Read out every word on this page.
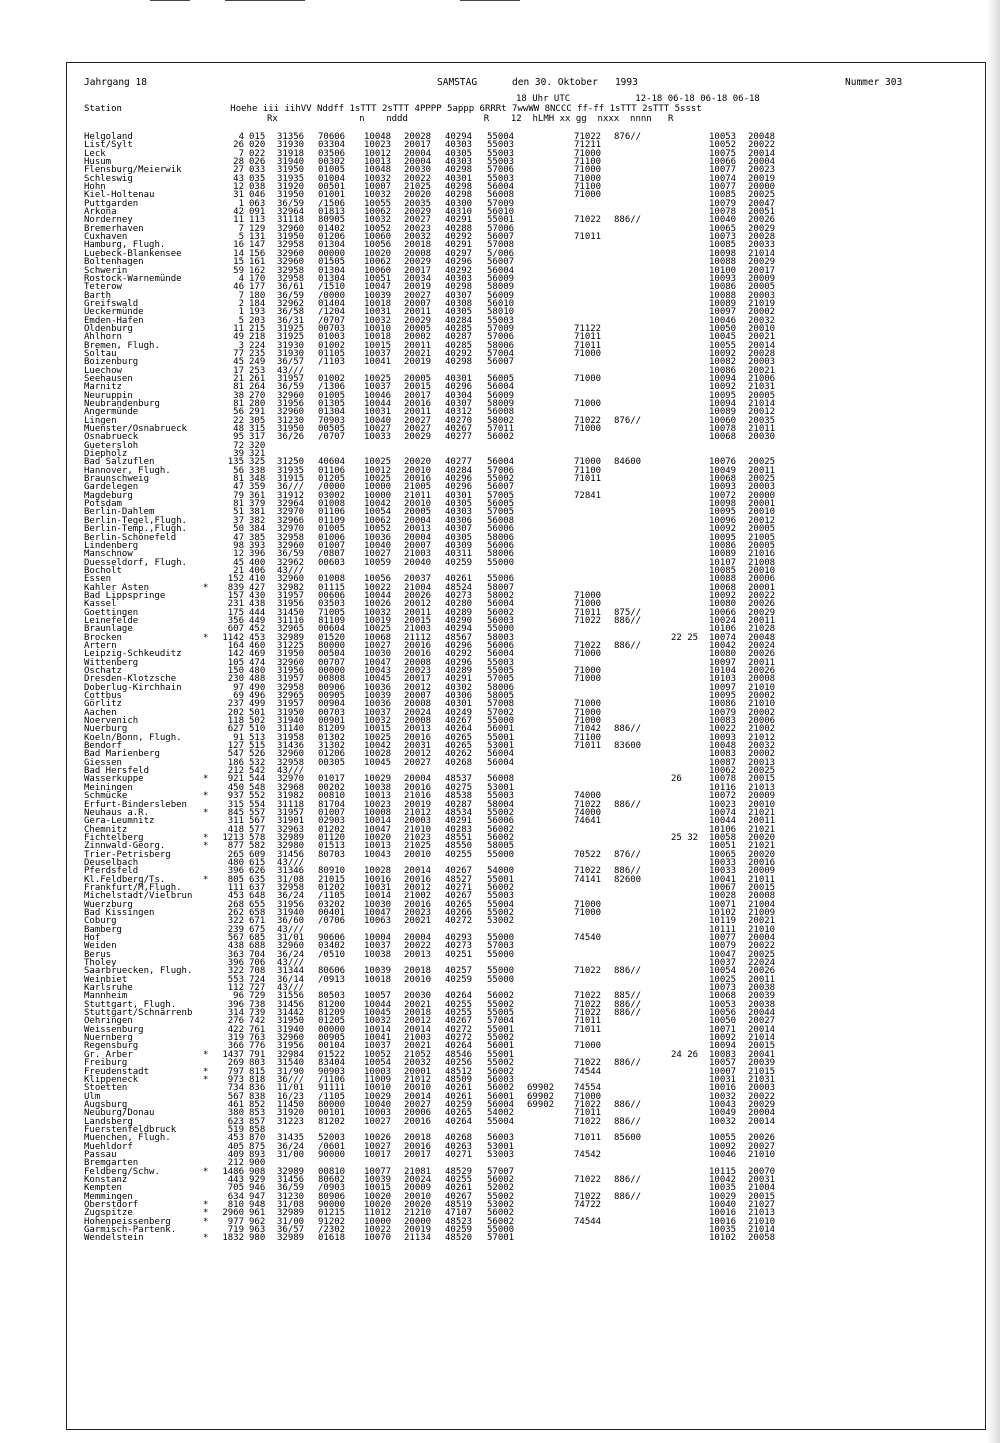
Jahrgang 18	SAMSTAG	den 30. Oktober   1993	Nummer 303
18 Uhr UTC            12-18 06-18 06-18 06-18
Station                    Hoehe iii iihVV Nddff 1sTTT 2sTTT 4PPPP 5appp 6RRRt 7wwWW 8NCCC ff-ff 1sTTT 2sTTT 5ssst
Rx               n    nddd              R    12  hLMH xx gg  nxxx  nnnn   R
Helgoland	4 015 31356 70606 10048 20028 40294 55004	71022 876//	10053 20048
List/Sylt	26 020 31930 03304 10023 20017 40303 55003	71211	10052 20022
Leck	7 022 31918 03506 10012 20004 40305 55003	71000	10075 20014
Husum	28 026 31940 00302 10013 20004 40303 55003	71100	10066 20004
Flensburg/Meierwik	27 033 31950 01005 10048 20030 40298 57006	71000	10077 20023
Schleswig	43 035 31935 01004 10032 20022 40301 55003	71000	10074 20019
Hohn	12 038 31920 00501 10007 21025 40298 56004	71100	10077 20000
Kiel-Holtenau	31 046 31950 01001 10032 20020 40298 56008	71000	10085 20025
Puttgarden	1 063 36/59 /1506 10055 20035 40300 57009	10079 20047
Arkona	42 091 32964 01813 10062 20029 40310 56010	10078 20051
Norderney	11 113 31118 80905 10032 20027 40291 55001	71022 886//	10040 20026
Bremerhaven	7 129 32960 01402 10052 20023 40288 57006	10065 20029
Cuxhaven	5 131 31950 01206 10060 20032 40292 56007	71011	10073 20028
Hamburg, Flugh.	16 147 32958 01304 10056 20018 40291 57008	10085 20033
Luebeck-Blankensee	14 156 32960 00000 10020 20008 40297 5/006	10098 21014
Boltenhagen	15 161 32960 01505 10062 20029 40296 56007	10088 20029
Schwerin	59 162 32958 01304 10060 20017 40292 56004	10100 20017
Rostock-Warnemünde	4 170 32958 01304 10051 20034 40303 56009	10093 20009
Teterow	46 177 36/61 /1510 10047 20019 40298 58009	10086 20005
Barth	7 180 36/59 /0000 10039 20027 40307 56009	10088 20003
Greifswald	2 184 32962 01404 10018 20007 40308 56010	10089 21019
Ueckermünde	1 193 36/58 /1204 10031 20011 40305 58010	10097 20002
Emden-Hafen	5 203 36/31 /0707 10032 20029 40284 55003	10046 20032
Oldenburg	11 215 31925 00703 10010 20005 40285 57009	71122	10050 20010
Ahlhorn	49 218 31925 01003 10018 20002 40287 57006	71011	10045 20021
Bremen, Flugh.	3 224 31930 01002 10015 20011 40285 58006	71011	10055 20014
Soltau	77 235 31930 01105 10037 20021 40292 57004	71000	10092 20028
Boizenburg	45 249 36/57 /1103 10041 20019 40298 56007	10082 20003
Luechow	17 253 43///	10086 20021
Seehausen	21 261 31957 01002 10025 20005 40301 56005	71000	10094 21006
Marnitz	81 264 36/59 /1306 10037 20015 40296 56004	10092 21031
Neuruppin	38 270 32960 01005 10046 20017 40304 56009	10095 20005
Neubrandenburg	81 280 31956 01305 10044 20016 40307 58009	71000	10094 21014
Angermünde	56 291 32960 01304 10031 20011 40312 56008	10089 20012
Lingen	22 305 31230 70903 10040 20027 40270 58002	71022 876//	10060 20035
Muenster/Osnabrueck	48 315 31950 00505 10027 20027 40267 57011	71000	10078 21011
Osnabrueck	95 317 36/26 /0707 10033 20029 40277 56002	10068 20030
Guetersloh	72 320
Diepholz	39 321
Bad Salzuflen	135 325 31250 40604 10025 20020 40277 56004	71000 84600	10076 20025
Hannover, Flugh.	56 338 31935 01106 10012 20010 40284 57006	71100	10049 20011
Braunschweig	81 348 31915 01205 10025 20016 40296 55002	71011	10068 20025
Gardelegen	47 359 36/// /0000 10000 21005 40296 56007	10093 20003
Magdeburg	79 361 31912 03002 10000 21011 40301 57005	72841	10072 20000
Potsdam	81 379 32964 01008 10042 20010 40305 56005	10098 20001
Berlin-Dahlem	51 381 32970 01106 10054 20005 40303 57005	10095 20010
Berlin-Tegel,Flugh.	37 382 32966 01109 10062 20004 40306 56008	10096 20012
Berlin-Temp.,Flugh.	50 384 32970 01005 10052 20013 40307 56006	10092 20005
Berlin-Schönefeld	47 385 32958 01006 10036 20004 40305 58006	10095 21005
Lindenberg	98 393 32960 01007 10040 20007 40309 56006	10086 20005
Manschnow	12 396 36/59 /0807 10027 21003 40311 58006	10089 21016
Duesseldorf, Flugh.	45 400 32962 00603 10059 20040 40259 55000	10107 21008
Bocholt	21 406 43///	10085 20010
Essen	152 410 32960 01008 10056 20037 40261 55006	10088 20006
Kahler Asten	*	839 427 32982 01115 10022 21004 48524 58007	10068 20001
Bad Lippspringe	157 430 31957 00606 10044 20026 40273 58002	71000	10092 20022
Kassel	231 438 31956 03503 10026 20012 40280 56004	71000	10080 20026
Goettingen	175 444 31450 71005 10032 20011 40289 56002	71011 875//	10066 20029
Leinefelde	356 449 31116 81109 10019 20015 40290 56003	71022 886//	10024 20011
Braunlage	607 452 32965 00604 10025 21003 40294 55000	10106 21028
Brocken	*	1142 453 32989 01520 10068 21112 48567 58003	22 25 10074 20048
Artern	164 460 31225 80000 10027 20016 40296 56006	71022 886//	10042 20024
Leipzig-Schkeuditz	142 469 31950 00504 10030 20016 40292 56004	71000	10080 20026
Wittenberg	105 474 32960 00707 10047 20008 40296 55003	10097 20011
Oschatz	150 480 31956 00000 10043 20023 40289 55005	71000	10104 20026
Dresden-Klotzsche	230 488 31957 00808 10045 20017 40291 57005	71000	10103 20008
Doberlug-Kirchhain	97 490 32958 00906 10036 20012 40302 58006	10097 21010
Cottbus	69 496 32965 00905 10039 20007 40306 58005	10095 20002
Görlitz	237 499 31957 00904 10036 20008 40301 57008	71000	10086 21010
Aachen	202 501 31950 00703 10037 20024 40249 57002	71000	10079 20002
Noervenich	118 502 31940 00901 10032 20008 40267 55000	71000	10083 20006
Nuerburg	627 510 31140 81209 10015 20013 40264 56001	71042 886//	10022 21002
Koeln/Bonn, Flugh.	91 513 31958 01302 10025 20016 40265 55001	71100	10093 21012
Bendorf	127 515 31436 31302 10042 20031 40265 53001	71011 83600	10048 20032
Bad Marienberg	547 526 32960 01206 10028 20012 40262 56004	10083 20002
Giessen	186 532 32958 00305 10045 20027 40268 56004	10087 20013
Bad Hersfeld	212 542 43///	10062 20025
Wasserkuppe	*	921 544 32970 01017 10029 20004 48537 56008	26	10078 20015
Meiningen	450 548 32968 00202 10038 20016 40275 53001	10116 21013
Schmücke	*	937 552 31982 00810 10013 21016 48538 55003	74000	10072 20009
Erfurt-Bindersleben	315 554 31118 81704 10023 20019 40287 58004	71022 886//	10023 20010
Neuhaus a.R.	*	845 557 31957 01007 10008 21012 48534 55002	74000	10074 21021
Gera-Leumnitz	311 567 31901 02903 10014 20003 40291 56006	74641	10044 20011
Chemnitz	418 577 32963 01202 10047 21010 40283 56002	10106 21021
Fichtelberg	*	1213 578 32989 01120 10020 21023 48551 56002	25 32 10058 20020
Zinnwald-Georg.	*	877 582 32980 01513 10013 21025 48550 58005	10051 21021
Trier-Petrisberg	265 609 31456 80703 10043 20010 40255 55000	70522 876//	10065 20020
Deuselbach	480 615 43///	10033 20016
Pferdsfeld	396 626 31346 80910 10028 20014 40267 54000	71022 886//	10033 20009
Kl.Feldberg/Ts.	*	805 635 31/08 21015 10016 20016 48527 55001	74141 82600	10041 21011
Frankfurt/M,Flugh.	111 637 32958 01202 10031 20012 40271 56002	10067 20015
Michelstadt/Vielbrun	453 648 36/24 /1105 10014 21002 40267 55003	10028 20008
Wuerzburg	268 655 31956 03202 10030 20016 40265 55004	71000	10071 21004
Bad Kissingen	262 658 31940 00401 10047 20023 40266 55002	71000	10102 21009
Coburg	322 671 36/60 /0706 10063 20021 40272 53002	10119 20021
Bamberg	239 675 43///	10111 21010
Hof	567 685 31/01 90606 10004 20004 40293 55000	74540	10077 20004
Weiden	438 688 32960 03402 10037 20022 40273 57003	10079 20022
Berus	363 704 36/24 /0510 10038 20013 40251 55000	10047 20025
Tholey	396 706 43///	10037 22024
Saarbruecken, Flugh.	322 708 31344 80606 10039 20018 40257 55000	71022 886//	10054 20026
Weinbiet	553 724 36/14 /0913 10018 20010 40259 55000	10025 20011
Karlsruhe	112 727 43///	10073 20038
Mannheim	96 729 31556 80503 10057 20030 40264 56002	71022 885//	10068 20039
Stuttgart, Flugh.	396 738 31456 81200 10044 20021 40255 55002	71022 886//	10053 20038
Stuttgart/Schnarrenb	314 739 31442 81209 10045 20018 40255 55005	71022 886//	10056 20044
Oehringen	276 742 31950 01205 10032 20012 40267 57004	71011	10050 20027
Weissenburg	422 761 31940 00000 10014 20014 40272 55001	71011	10071 20014
Nuernberg	319 763 32960 00905 10041 21003 40272 55002	10092 21014
Regensburg	366 776 31956 00104 10037 20021 40264 56001	71000	10094 20015
Gr. Arber	*	1437 791 32984 01522 10052 21052 48546 55001	24 26 10083 20041
Freiburg	269 803 31540 83404 10054 20032 40256 55002	71022 886//	10057 20039
Freudenstadt	*	797 815 31/90 90903 10003 20001 48512 56002	74544	10007 21015
Klippeneck	*	973 818 36/// /1106 11009 21012 48509 56003	10031 21031
Stoetten	734 836 11/01 91111 10010 20010 40261 56002 69902 74554	10016 20003
Ulm	567 838 16/23 /1105 10029 20014 40261 56001 69902 71000	10032 20022
Augsburg	461 852 11450 80000 10040 20027 40259 56004 69902 71022 886//	10043 20029
Neuburg/Donau	380 853 31920 00101 10003 20006 40265 54002	71011	10049 20004
Landsberg	623 857 31223 81202 10027 20016 40264 55004	71022 886//	10032 20014
Fuerstenfeldbruck	519 858
Muenchen, Flugh.	453 870 31435 52003 10026 20018 40268 56003	71011 85600	10055 20026
Muehldorf	405 875 36/24 /0601 10027 20016 40263 53001	10092 20027
Passau	409 893 31/00 90000 10017 20017 40271 53003	74542	10046 21010
Bremgarten	212 900
Feldberg/Schw.	*	1486 908 32989 00810 10077 21081 48529 57007	10115 20070
Konstanz	443 929 31456 80602 10039 20024 40255 56002	71022 886//	10042 20031
Kempten	705 946 36/59 /0903 10015 20009 40261 52002	10035 21004
Memmingen	634 947 31230 80906 10020 20010 40267 55002	71022 886//	10029 20015
Oberstdorf	*	810 948 31/08 90000 10020 20020 48519 53002	74722	10040 21027
Zugspitze	*	2960 961 32989 01215 11012 21210 47107 56002	10016 21013
Hohenpeissenberg	*	977 962 31/00 91202 10000 20000 48523 56002	74544	10016 21010
Garmisch-Partenk.	719 963 36/57 /2302 10022 20019 40259 55000	10035 21014
Wendelstein	*	1832 980 32989 01618 10070 21134 48520 57001	10102 20058
